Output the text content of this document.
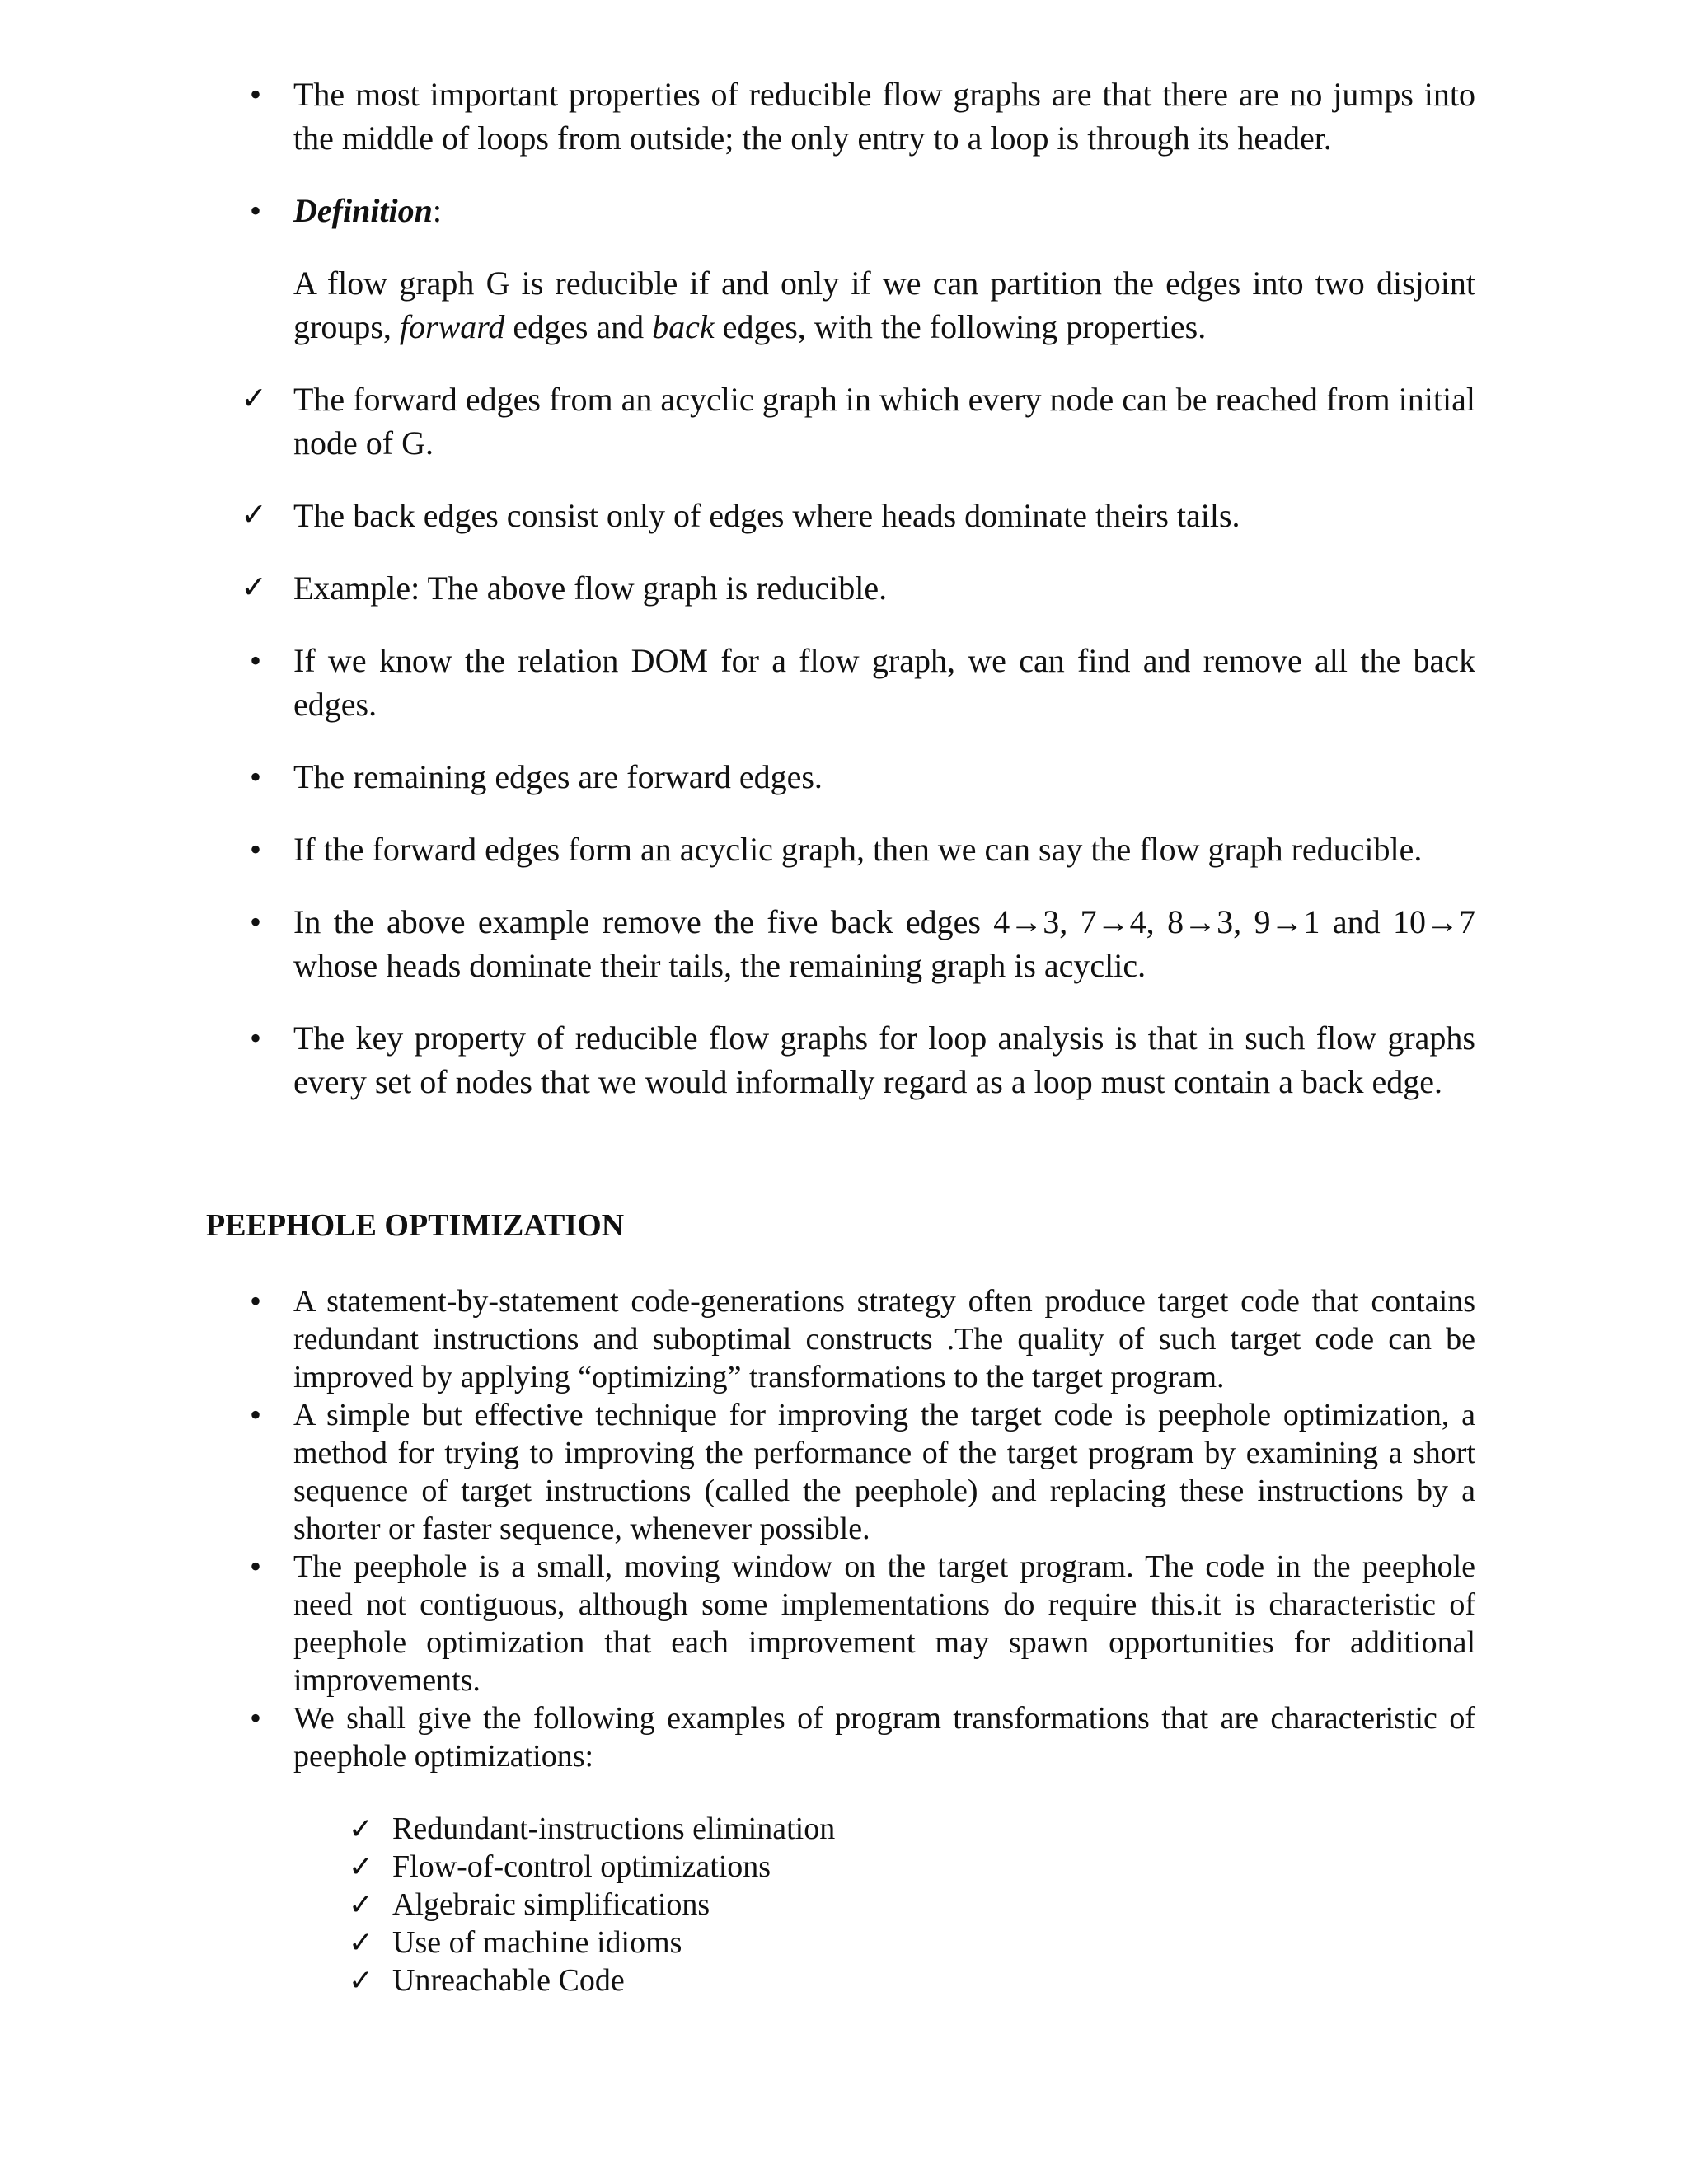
• The most important properties of reducible flow graphs are that there are no jumps into the middle of loops from outside; the only entry to a loop is through its header.
• Definition:
A flow graph G is reducible if and only if we can partition the edges into two disjoint groups, forward edges and back edges, with the following properties.
✓ The forward edges from an acyclic graph in which every node can be reached from initial node of G.
✓ The back edges consist only of edges where heads dominate theirs tails.
✓ Example: The above flow graph is reducible.
• If we know the relation DOM for a flow graph, we can find and remove all the back edges.
• The remaining edges are forward edges.
• If the forward edges form an acyclic graph, then we can say the flow graph reducible.
• In the above example remove the five back edges 4→3, 7→4, 8→3, 9→1 and 10→7 whose heads dominate their tails, the remaining graph is acyclic.
• The key property of reducible flow graphs for loop analysis is that in such flow graphs every set of nodes that we would informally regard as a loop must contain a back edge.
PEEPHOLE OPTIMIZATION
•	A statement-by-statement code-generations strategy often produce target code that contains redundant instructions and suboptimal constructs .The quality of such target code can be improved by applying “optimizing” transformations to the target program.
•	A simple but effective technique for improving the target code is peephole optimization, a method for trying to improving the performance of the target program by examining a short sequence of target instructions (called the peephole) and replacing these instructions by a shorter or faster sequence, whenever possible.
•	The peephole is a small, moving window on the target program. The code in the peephole need not contiguous, although some implementations do require this.it is characteristic of peephole optimization that each improvement may spawn opportunities for additional improvements.
•	We shall give the following examples of program transformations that are characteristic of peephole optimizations:
✓ Redundant-instructions elimination
✓ Flow-of-control optimizations
✓ Algebraic simplifications
✓ Use of machine idioms
✓ Unreachable Code
